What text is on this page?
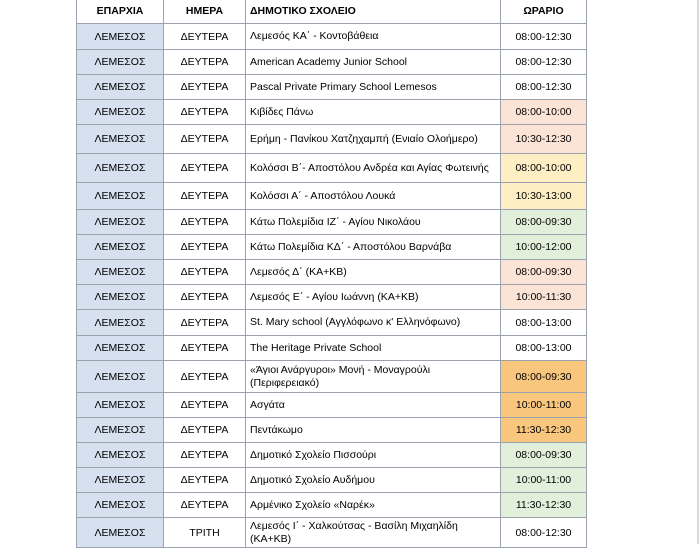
ΕΠΑΡΧΙΑ	ΗΜΕΡΑ	ΔΗΜΟΤΙΚΟ ΣΧΟΛΕΙΟ	ΩΡΑΡΙΟ
ΛΕΜΕΣΟΣ	ΔΕΥΤΕΡΑ	Λεμεσός ΚΑ΄ - Κοντοβάθεια	08:00-12:30
ΛΕΜΕΣΟΣ	ΔΕΥΤΕΡΑ	American Academy Junior School	08:00-12:30
ΛΕΜΕΣΟΣ	ΔΕΥΤΕΡΑ	Pascal Private Primary School Lemesos	08:00-12:30
ΛΕΜΕΣΟΣ	ΔΕΥΤΕΡΑ	Κιβίδες Πάνω	08:00-10:00
ΛΕΜΕΣΟΣ	ΔΕΥΤΕΡΑ	Ερήμη - Πανίκου Χατζηχαμπή (Ενιαίο Ολοήμερο)	10:30-12:30
ΛΕΜΕΣΟΣ	ΔΕΥΤΕΡΑ	Κολόσσι Β΄- Αποστόλου Ανδρέα και Αγίας Φωτεινής	08:00-10:00
ΛΕΜΕΣΟΣ	ΔΕΥΤΕΡΑ	Κολόσσι Α΄ - Αποστόλου Λουκά	10:30-13:00
ΛΕΜΕΣΟΣ	ΔΕΥΤΕΡΑ	Κάτω Πολεμίδια ΙΖ΄ - Αγίου Νικολάου	08:00-09:30
ΛΕΜΕΣΟΣ	ΔΕΥΤΕΡΑ	Κάτω Πολεμίδια ΚΔ΄ - Αποστόλου Βαρνάβα	10:00-12:00
ΛΕΜΕΣΟΣ	ΔΕΥΤΕΡΑ	Λεμεσός Δ΄ (ΚΑ+ΚΒ)	08:00-09:30
ΛΕΜΕΣΟΣ	ΔΕΥΤΕΡΑ	Λεμεσός Ε΄ - Αγίου Ιωάννη (ΚΑ+ΚΒ)	10:00-11:30
ΛΕΜΕΣΟΣ	ΔΕΥΤΕΡΑ	St. Mary school (Αγγλόφωνο κ' Ελληνόφωνο)	08:00-13:00
ΛΕΜΕΣΟΣ	ΔΕΥΤΕΡΑ	The Heritage Private School	08:00-13:00
ΛΕΜΕΣΟΣ	ΔΕΥΤΕΡΑ	«Άγιοι Ανάργυροι» Μονή - Μοναγρούλι (Περιφερειακό)	08:00-09:30
ΛΕΜΕΣΟΣ	ΔΕΥΤΕΡΑ	Ασγάτα	10:00-11:00
ΛΕΜΕΣΟΣ	ΔΕΥΤΕΡΑ	Πεντάκωμο	11:30-12:30
ΛΕΜΕΣΟΣ	ΔΕΥΤΕΡΑ	Δημοτικό Σχολείο Πισσούρι	08:00-09:30
ΛΕΜΕΣΟΣ	ΔΕΥΤΕΡΑ	Δημοτικό Σχολείο Αυδήμου	10:00-11:00
ΛΕΜΕΣΟΣ	ΔΕΥΤΕΡΑ	Αρμένικο Σχολείο «Ναρέκ»	11:30-12:30
ΛΕΜΕΣΟΣ	ΤΡΙΤΗ	Λεμεσός Ι΄ - Χαλκούτσας - Βασίλη Μιχαηλίδη (ΚΑ+ΚΒ)	08:00-12:30
